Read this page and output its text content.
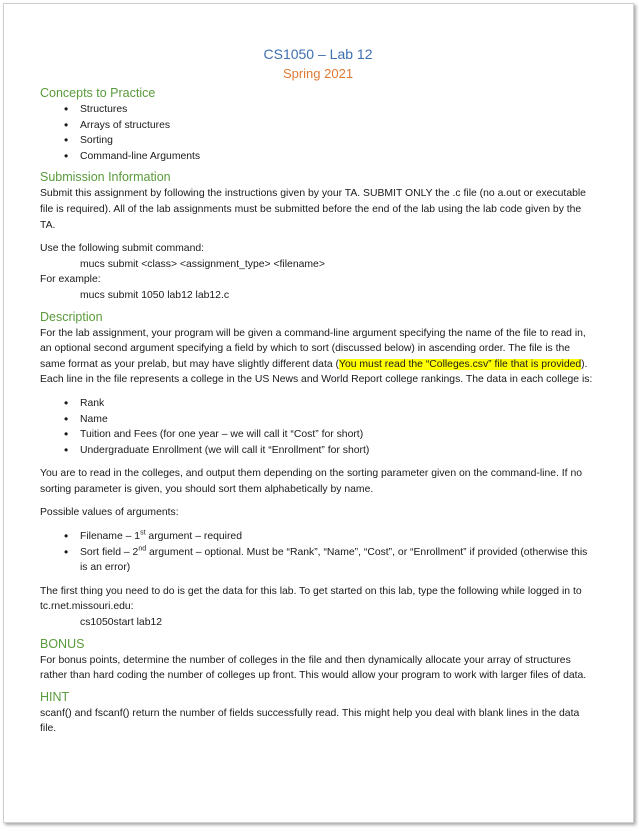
CS1050 – Lab 12
Spring 2021
Concepts to Practice
• Structures
• Arrays of structures
• Sorting
• Command-line Arguments
Submission Information

Submit this assignment by following the instructions given by your TA. SUBMIT ONLY the .c file (no a.out or executable file is required). All of the lab assignments must be submitted before the end of the lab using the lab code given by the TA.

Use the following submit command:

mucs submit <class> <assignment_type> <filename>

For example:

mucs submit 1050 lab12 lab12.c

Description

For the lab assignment, your program will be given a command-line argument specifying the name of the file to read in, an optional second argument specifying a field by which to sort (discussed below) in ascending order. The file is the same format as your prelab, but may have slightly different data (You must read the “Colleges.csv” file that is provided). Each line in the file represents a college in the US News and World Report college rankings. The data in each college is:

• Rank
• Name
• Tuition and Fees (for one year – we will call it “Cost” for short)
• Undergraduate Enrollment (we will call it “Enrollment” for short)

You are to read in the colleges, and output them depending on the sorting parameter given on the command-line. If no sorting parameter is given, you should sort them alphabetically by name.

Possible values of arguments:

• Filename – 1st argument – required
• Sort field – 2nd argument – optional. Must be “Rank”, “Name”, “Cost”, or “Enrollment” if provided (otherwise this is an error)

The first thing you need to do is get the data for this lab. To get started on this lab, type the following while logged in to tc.rnet.missouri.edu:

cs1050start lab12

BONUS

For bonus points, determine the number of colleges in the file and then dynamically allocate your array of structures rather than hard coding the number of colleges up front. This would allow your program to work with larger files of data.

HINT

scanf() and fscanf() return the number of fields successfully read. This might help you deal with blank lines in the data file.
